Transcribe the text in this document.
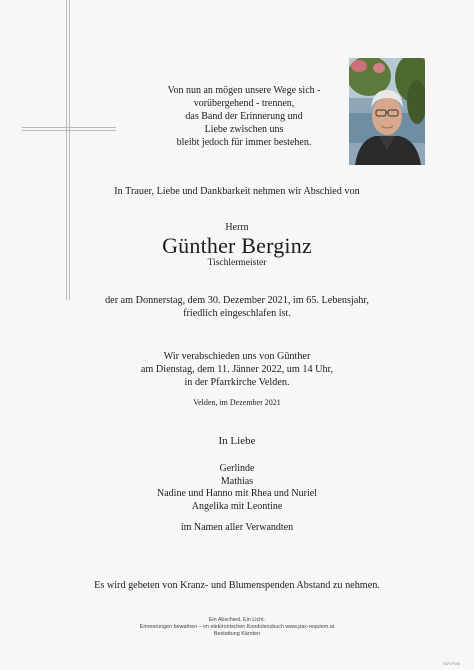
Von nun an mögen unsere Wege sich -
vorübergehend - trennen,
das Band der Erinnerung und
Liebe zwischen uns
bleibt jedoch für immer bestehen.
In Trauer, Liebe und Dankbarkeit nehmen wir Abschied von
Herrn
Günther Berginz
Tischlermeister
der am Donnerstag, dem 30. Dezember 2021, im 65. Lebensjahr,
friedlich eingeschlafen ist.
Wir verabschieden uns von Günther
am Dienstag, dem 11. Jänner 2022, um 14 Uhr,
in der Pfarrkirche Velden.
Velden, im Dezember 2021
In Liebe
Gerlinde
Mathias
Nadine und Hanno mit Rhea und Nuriel
Angelika mit Leontine
im Namen aller Verwandten
Es wird gebeten von Kranz- und Blumenspenden Abstand zu nehmen.
Ein Abschied. Ein Licht.
Erinnerungen bewahren – im elektronischen Kondolenzbuch www.pax-requiem.at
Bestattung Kärnten
B1P1P196
